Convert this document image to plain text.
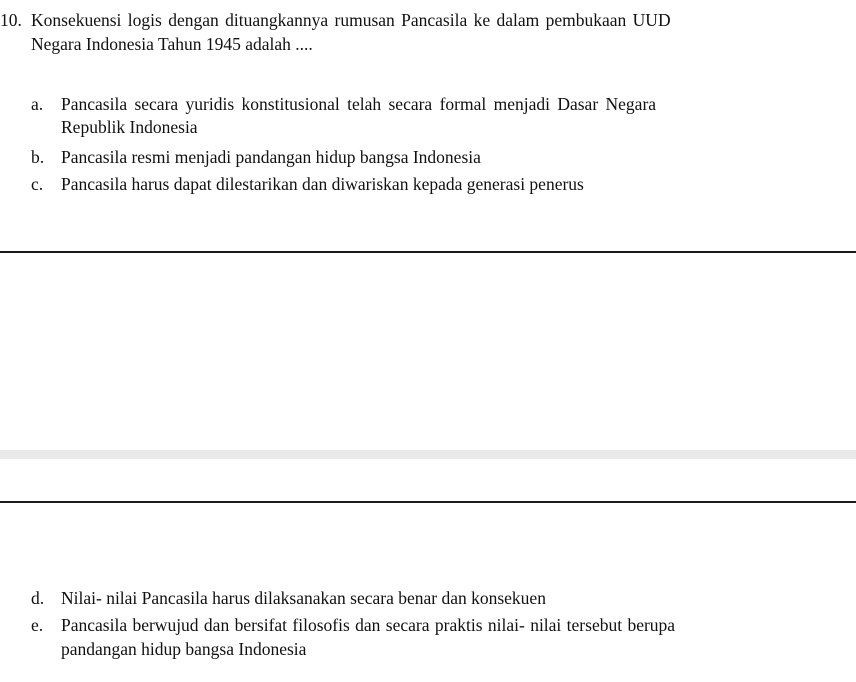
10. Konsekuensi logis dengan dituangkannya rumusan Pancasila ke dalam pembukaan UUD
Negara Indonesia Tahun 1945 adalah ....
a. Pancasila secara yuridis konstitusional telah secara formal menjadi Dasar Negara
Republik Indonesia
b. Pancasila resmi menjadi pandangan hidup bangsa Indonesia
c. Pancasila harus dapat dilestarikan dan diwariskan kepada generasi penerus
d. Nilai- nilai Pancasila harus dilaksanakan secara benar dan konsekuen
e. Pancasila berwujud dan bersifat filosofis dan secara praktis nilai- nilai tersebut berupa
pandangan hidup bangsa Indonesia
